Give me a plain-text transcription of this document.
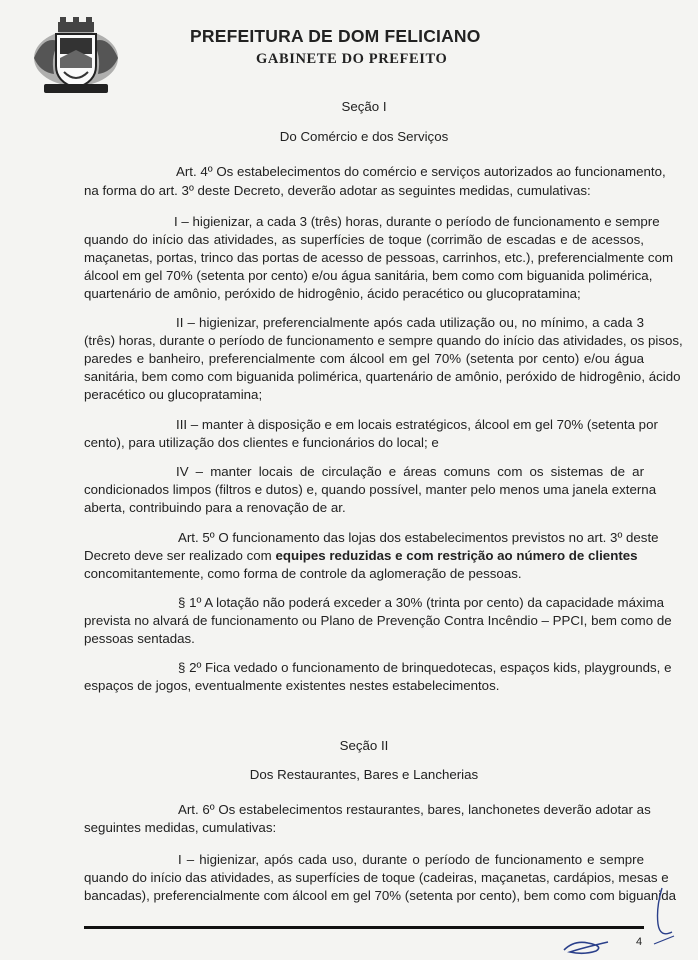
PREFEITURA DE DOM FELICIANO
GABINETE DO PREFEITO
Seção I
Do Comércio e dos Serviços
Art. 4º Os estabelecimentos do comércio e serviços autorizados ao funcionamento,
na forma do art. 3º deste Decreto, deverão adotar as seguintes medidas, cumulativas:
I – higienizar, a cada 3 (três) horas, durante o período de funcionamento e sempre
quando do início das atividades, as superfícies de toque (corrimão de escadas e de acessos,
maçanetas, portas, trinco das portas de acesso de pessoas, carrinhos, etc.), preferencialmente com
álcool em gel 70% (setenta por cento) e/ou água sanitária, bem como com biguanida polimérica,
quartenário de amônio, peróxido de hidrogênio, ácido peracético ou glucopratamina;
II – higienizar, preferencialmente após cada utilização ou, no mínimo, a cada 3
(três) horas, durante o período de funcionamento e sempre quando do início das atividades, os pisos,
paredes e banheiro, preferencialmente com álcool em gel 70% (setenta por cento) e/ou água
sanitária, bem como com biguanida polimérica, quartenário de amônio, peróxido de hidrogênio, ácido
peracético ou glucopratamina;
III – manter à disposição e em locais estratégicos, álcool em gel 70% (setenta por
cento), para utilização dos clientes e funcionários do local; e
IV – manter locais de circulação e áreas comuns com os sistemas de ar
condicionados limpos (filtros e dutos) e, quando possível, manter pelo menos uma janela externa
aberta, contribuindo para a renovação de ar.
Art. 5º O funcionamento das lojas dos estabelecimentos previstos no art. 3º deste
Decreto deve ser realizado com equipes reduzidas e com restrição ao número de clientes
concomitantemente, como forma de controle da aglomeração de pessoas.
§ 1º A lotação não poderá exceder a 30% (trinta por cento) da capacidade máxima
prevista no alvará de funcionamento ou Plano de Prevenção Contra Incêndio – PPCI, bem como de
pessoas sentadas.
§ 2º Fica vedado o funcionamento de brinquedotecas, espaços kids, playgrounds, e
espaços de jogos, eventualmente existentes nestes estabelecimentos.
Seção II
Dos Restaurantes, Bares e Lancherias
Art. 6º Os estabelecimentos restaurantes, bares, lanchonetes deverão adotar as
seguintes medidas, cumulativas:
I – higienizar, após cada uso, durante o período de funcionamento e sempre
quando do início das atividades, as superfícies de toque (cadeiras, maçanetas, cardápios, mesas e
bancadas), preferencialmente com álcool em gel 70% (setenta por cento), bem como com biguanida
4
